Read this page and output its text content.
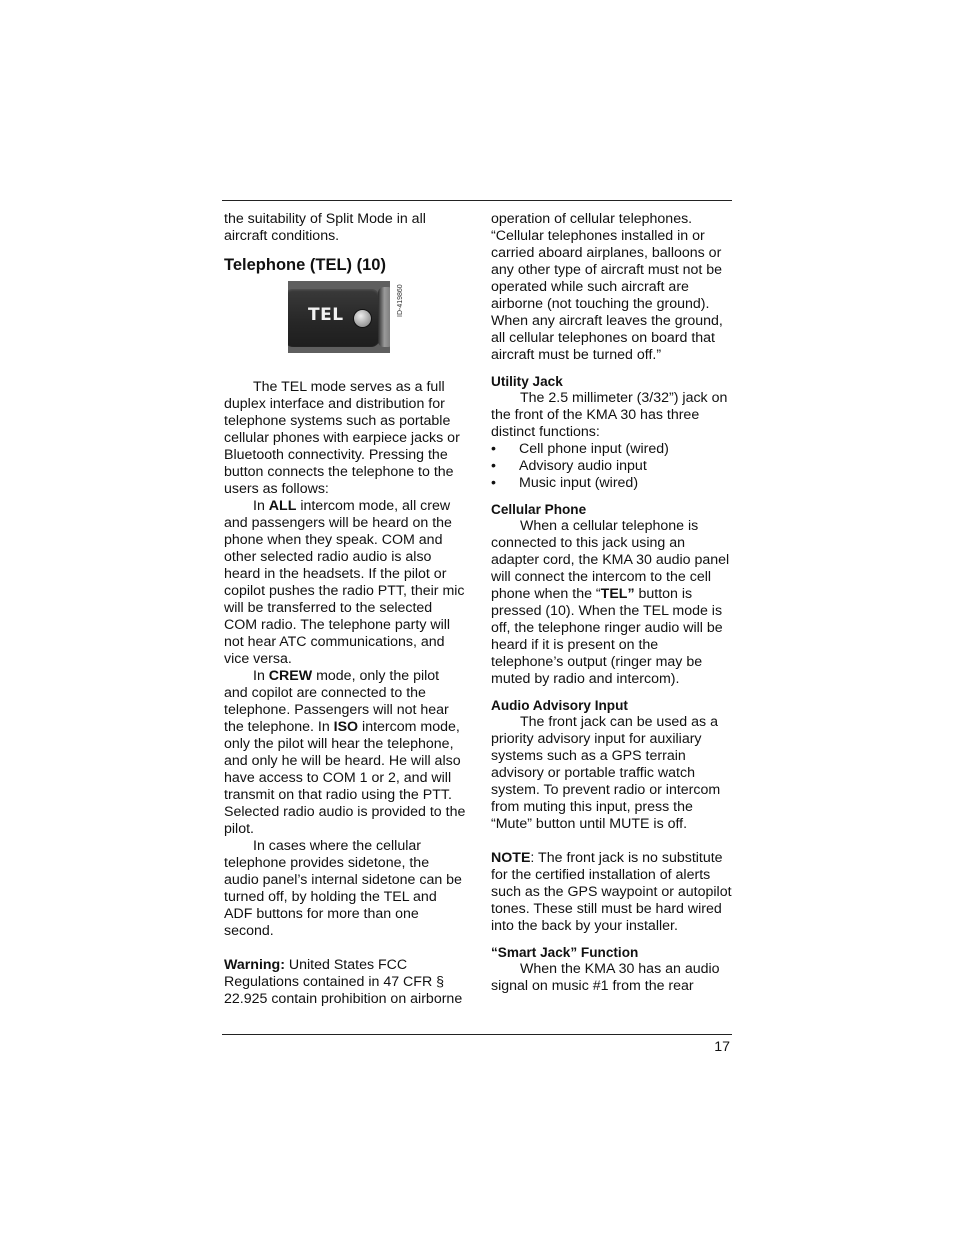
the suitability of Split Mode in all aircraft conditions.

Telephone (TEL) (10)
TEL	ID-419860

The TEL mode serves as a full duplex interface and distribution for telephone systems such as portable cellular phones with earpiece jacks or Bluetooth connectivity. Pressing the button connects the telephone to the users as follows:

In ALL intercom mode, all crew and passengers will be heard on the phone when they speak. COM and other selected radio audio is also heard in the headsets. If the pilot or copilot pushes the radio PTT, their mic will be transferred to the selected COM radio. The telephone party will not hear ATC communications, and vice versa.

In CREW mode, only the pilot and copilot are connected to the telephone. Passengers will not hear the telephone. In ISO intercom mode, only the pilot will hear the telephone, and only he will be heard. He will also have access to COM 1 or 2, and will transmit on that radio using the PTT. Selected radio audio is provided to the pilot.

In cases where the cellular telephone provides sidetone, the audio panel’s internal sidetone can be turned off, by holding the TEL and ADF buttons for more than one second.

Warning: United States FCC Regulations contained in 47 CFR § 22.925 contain prohibition on airborne

operation of cellular telephones. “Cellular telephones installed in or carried aboard airplanes, balloons or any other type of aircraft must not be operated while such aircraft are airborne (not touching the ground). When any aircraft leaves the ground, all cellular telephones on board that aircraft must be turned off.”

Utility Jack

The 2.5 millimeter (3/32”) jack on the front of the KMA 30 has three distinct functions:

• Cell phone input (wired)
• Advisory audio input
• Music input (wired)
Cellular Phone

When a cellular telephone is connected to this jack using an adapter cord, the KMA 30 audio panel will connect the intercom to the cell phone when the “TEL” button is pressed (10). When the TEL mode is off, the telephone ringer audio will be heard if it is present on the telephone’s output (ringer may be muted by radio and intercom).

Audio Advisory Input

The front jack can be used as a priority advisory input for auxiliary systems such as a GPS terrain advisory or portable traffic watch system. To prevent radio or intercom from muting this input, press the “Mute” button until MUTE is off.

NOTE: The front jack is no substitute for the certified installation of alerts such as the GPS waypoint or autopilot tones. These still must be hard wired into the back by your installer.

“Smart Jack” Function

When the KMA 30 has an audio signal on music #1 from the rear

17
